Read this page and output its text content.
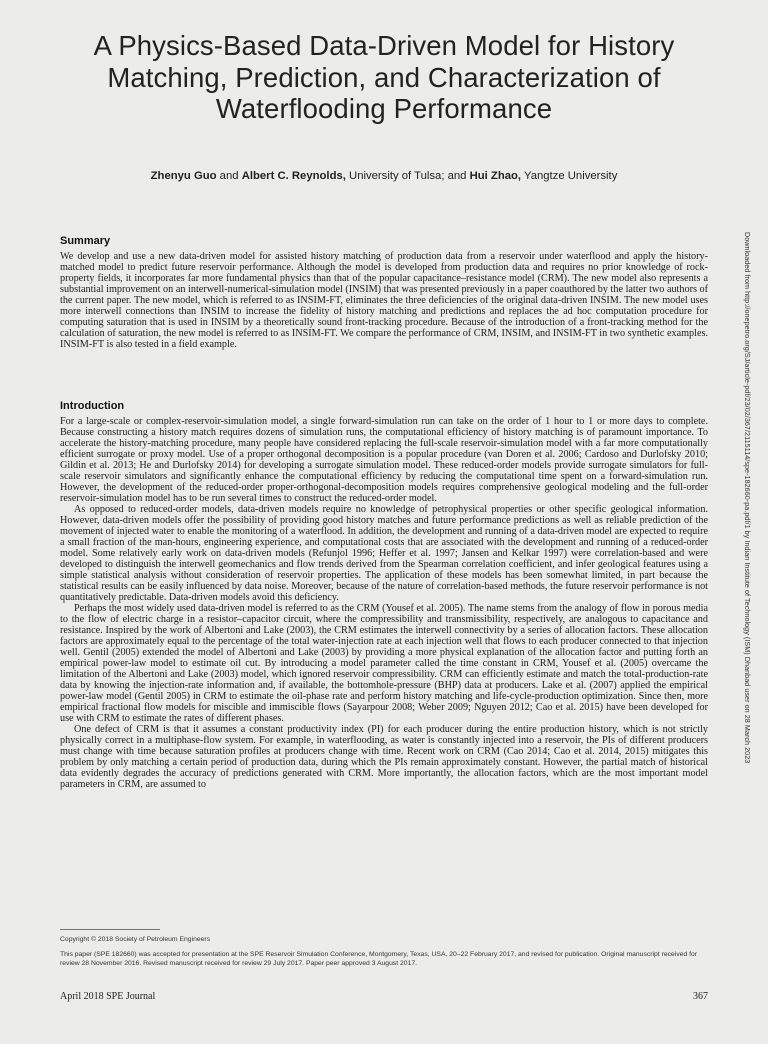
A Physics-Based Data-Driven Model for History Matching, Prediction, and Characterization of Waterflooding Performance
Zhenyu Guo and Albert C. Reynolds, University of Tulsa; and Hui Zhao, Yangtze University
Downloaded from http://onepetro.org/SJ/article-pdf/23/02/367/2115114/spe-182660-pa.pdf/1 by Indian Institute of Technology (ISM) Dhanbad user on 28 March 2023
Summary

We develop and use a new data-driven model for assisted history matching of production data from a reservoir under waterflood and apply the history-matched model to predict future reservoir performance. Although the model is developed from production data and requires no prior knowledge of rock-property fields, it incorporates far more fundamental physics than that of the popular capacitance–resistance model (CRM). The new model also represents a substantial improvement on an interwell-numerical-simulation model (INSIM) that was presented previously in a paper coauthored by the latter two authors of the current paper. The new model, which is referred to as INSIM-FT, eliminates the three deficiencies of the original data-driven INSIM. The new model uses more interwell connections than INSIM to increase the fidelity of history matching and predictions and replaces the ad hoc computation procedure for computing saturation that is used in INSIM by a theoretically sound front-tracking procedure. Because of the introduction of a front-tracking method for the calculation of saturation, the new model is referred to as INSIM-FT. We compare the performance of CRM, INSIM, and INSIM-FT in two synthetic examples. INSIM-FT is also tested in a field example.

Introduction

For a large-scale or complex-reservoir-simulation model, a single forward-simulation run can take on the order of 1 hour to 1 or more days to complete. Because constructing a history match requires dozens of simulation runs, the computational efficiency of history matching is of paramount importance. To accelerate the history-matching procedure, many people have considered replacing the full-scale reservoir-simulation model with a far more computationally efficient surrogate or proxy model. Use of a proper orthogonal decomposition is a popular procedure (van Doren et al. 2006; Cardoso and Durlofsky 2010; Gildin et al. 2013; He and Durlofsky 2014) for developing a surrogate simulation model. These reduced-order models provide surrogate simulators for full-scale reservoir simulators and significantly enhance the computational efficiency by reducing the computational time spent on a forward-simulation run. However, the development of the reduced-order proper-orthogonal-decomposition models requires comprehensive geological modeling and the full-order reservoir-simulation model has to be run several times to construct the reduced-order model.

As opposed to reduced-order models, data-driven models require no knowledge of petrophysical properties or other specific geological information. However, data-driven models offer the possibility of providing good history matches and future performance predictions as well as reliable prediction of the movement of injected water to enable the monitoring of a waterflood. In addition, the development and running of a data-driven model are expected to require a small fraction of the man-hours, engineering experience, and computational costs that are associated with the development and running of a reduced-order model. Some relatively early work on data-driven models (Refunjol 1996; Heffer et al. 1997; Jansen and Kelkar 1997) were correlation-based and were developed to distinguish the interwell geomechanics and flow trends derived from the Spearman correlation coefficient, and infer geological features using a simple statistical analysis without consideration of reservoir properties. The application of these models has been somewhat limited, in part because the statistical results can be easily influenced by data noise. Moreover, because of the nature of correlation-based methods, the future reservoir performance is not quantitatively predictable. Data-driven models avoid this deficiency.

Perhaps the most widely used data-driven model is referred to as the CRM (Yousef et al. 2005). The name stems from the analogy of flow in porous media to the flow of electric charge in a resistor–capacitor circuit, where the compressibility and transmissibility, respectively, are analogous to capacitance and resistance. Inspired by the work of Albertoni and Lake (2003), the CRM estimates the interwell connectivity by a series of allocation factors. These allocation factors are approximately equal to the percentage of the total water-injection rate at each injection well that flows to each producer connected to that injection well. Gentil (2005) extended the model of Albertoni and Lake (2003) by providing a more physical explanation of the allocation factor and putting forth an empirical power-law model to estimate oil cut. By introducing a model parameter called the time constant in CRM, Yousef et al. (2005) overcame the limitation of the Albertoni and Lake (2003) model, which ignored reservoir compressibility. CRM can efficiently estimate and match the total-production-rate data by knowing the injection-rate information and, if available, the bottomhole-pressure (BHP) data at producers. Lake et al. (2007) applied the empirical power-law model (Gentil 2005) in CRM to estimate the oil-phase rate and perform history matching and life-cycle-production optimization. Since then, more empirical fractional flow models for miscible and immiscible flows (Sayarpour 2008; Weber 2009; Nguyen 2012; Cao et al. 2015) have been developed for use with CRM to estimate the rates of different phases.

One defect of CRM is that it assumes a constant productivity index (PI) for each producer during the entire production history, which is not strictly physically correct in a multiphase-flow system. For example, in waterflooding, as water is constantly injected into a reservoir, the PIs of different producers must change with time because saturation profiles at producers change with time. Recent work on CRM (Cao 2014; Cao et al. 2014, 2015) mitigates this problem by only matching a certain period of production data, during which the PIs remain approximately constant. However, the partial match of historical data evidently degrades the accuracy of predictions generated with CRM. More importantly, the allocation factors, which are the most important model parameters in CRM, are assumed to

Copyright © 2018 Society of Petroleum Engineers
This paper (SPE 182660) was accepted for presentation at the SPE Reservoir Simulation Conference, Montgomery, Texas, USA, 20–22 February 2017, and revised for publication. Original manuscript received for review 28 November 2016. Revised manuscript received for review 29 July 2017. Paper peer approved 3 August 2017.
April 2018 SPE Journal	367
